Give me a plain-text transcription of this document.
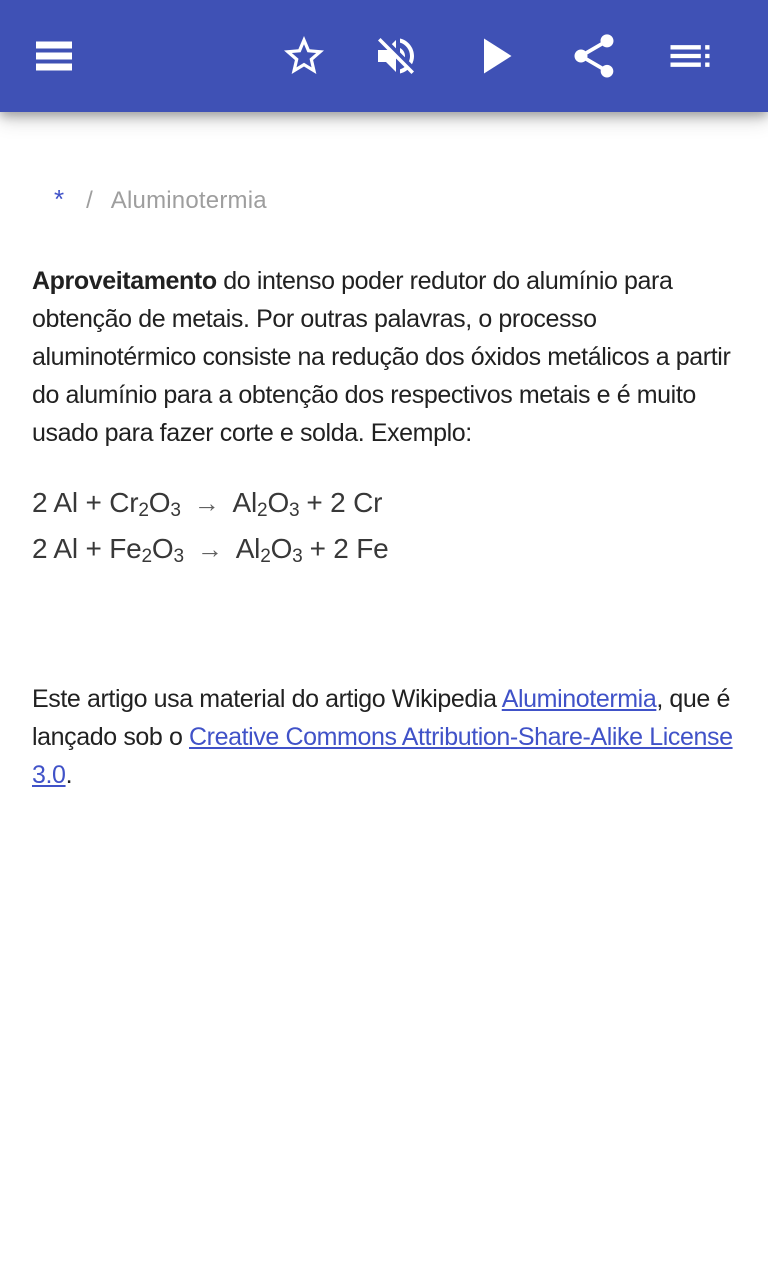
* / Aluminotermia

Aproveitamento do intenso poder redutor do alumínio para obtenção de metais. Por outras palavras, o processo aluminotérmico consiste na redução dos óxidos metálicos a partir do alumínio para a obtenção dos respectivos metais e é muito usado para fazer corte e solda. Exemplo:

2 $Al + Cr_2O_3 \to Al_2O_3 + 2$ Cr
2 $Al + Fe_2O_3 \to Al_2O_3 + 2$ Fe

Este artigo usa material do artigo Wikipedia Aluminotermia, que é lançado sob o Creative Commons Attribution-Share-Alike License 3.0.
